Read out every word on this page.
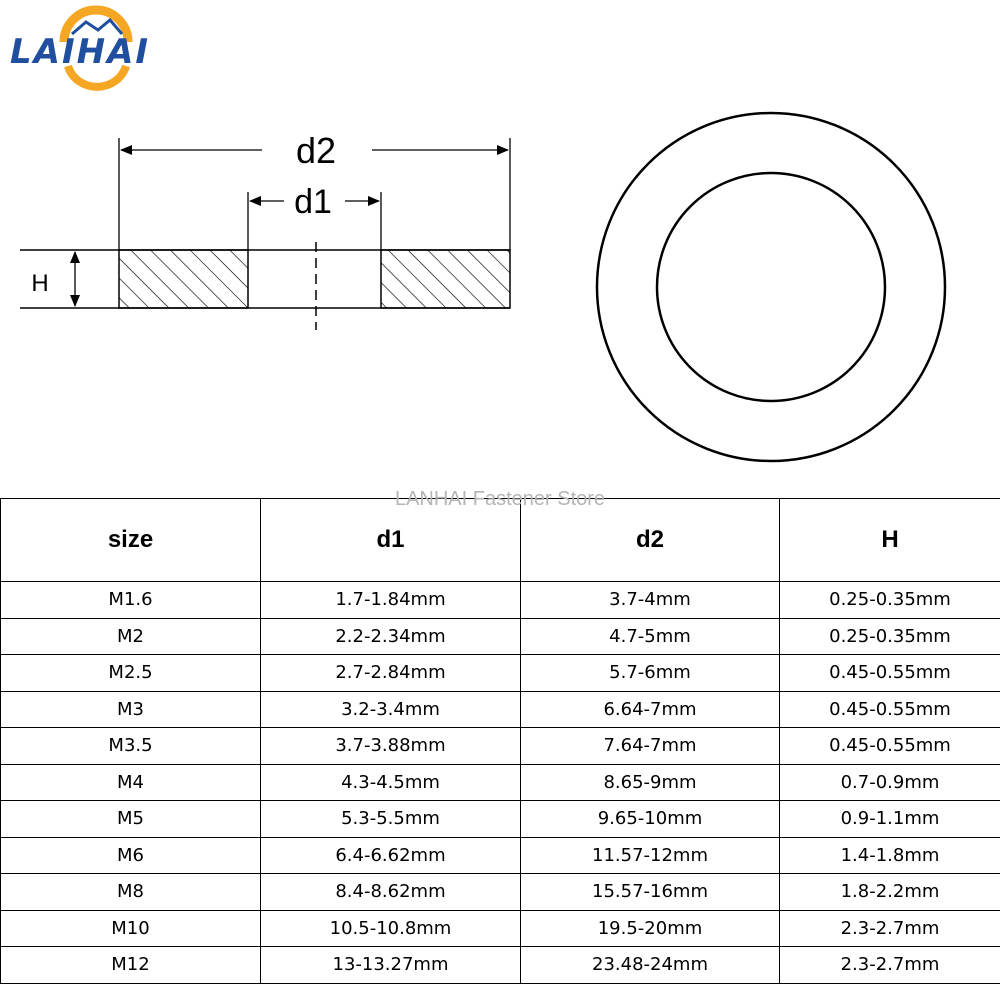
LAIHAI
d2
d1
H
LANHAI Fastener Store
size	d1	d2	H
M1.6	1.7-1.84mm	3.7-4mm	0.25-0.35mm
M2	2.2-2.34mm	4.7-5mm	0.25-0.35mm
M2.5	2.7-2.84mm	5.7-6mm	0.45-0.55mm
M3	3.2-3.4mm	6.64-7mm	0.45-0.55mm
M3.5	3.7-3.88mm	7.64-7mm	0.45-0.55mm
M4	4.3-4.5mm	8.65-9mm	0.7-0.9mm
M5	5.3-5.5mm	9.65-10mm	0.9-1.1mm
M6	6.4-6.62mm	11.57-12mm	1.4-1.8mm
M8	8.4-8.62mm	15.57-16mm	1.8-2.2mm
M10	10.5-10.8mm	19.5-20mm	2.3-2.7mm
M12	13-13.27mm	23.48-24mm	2.3-2.7mm
